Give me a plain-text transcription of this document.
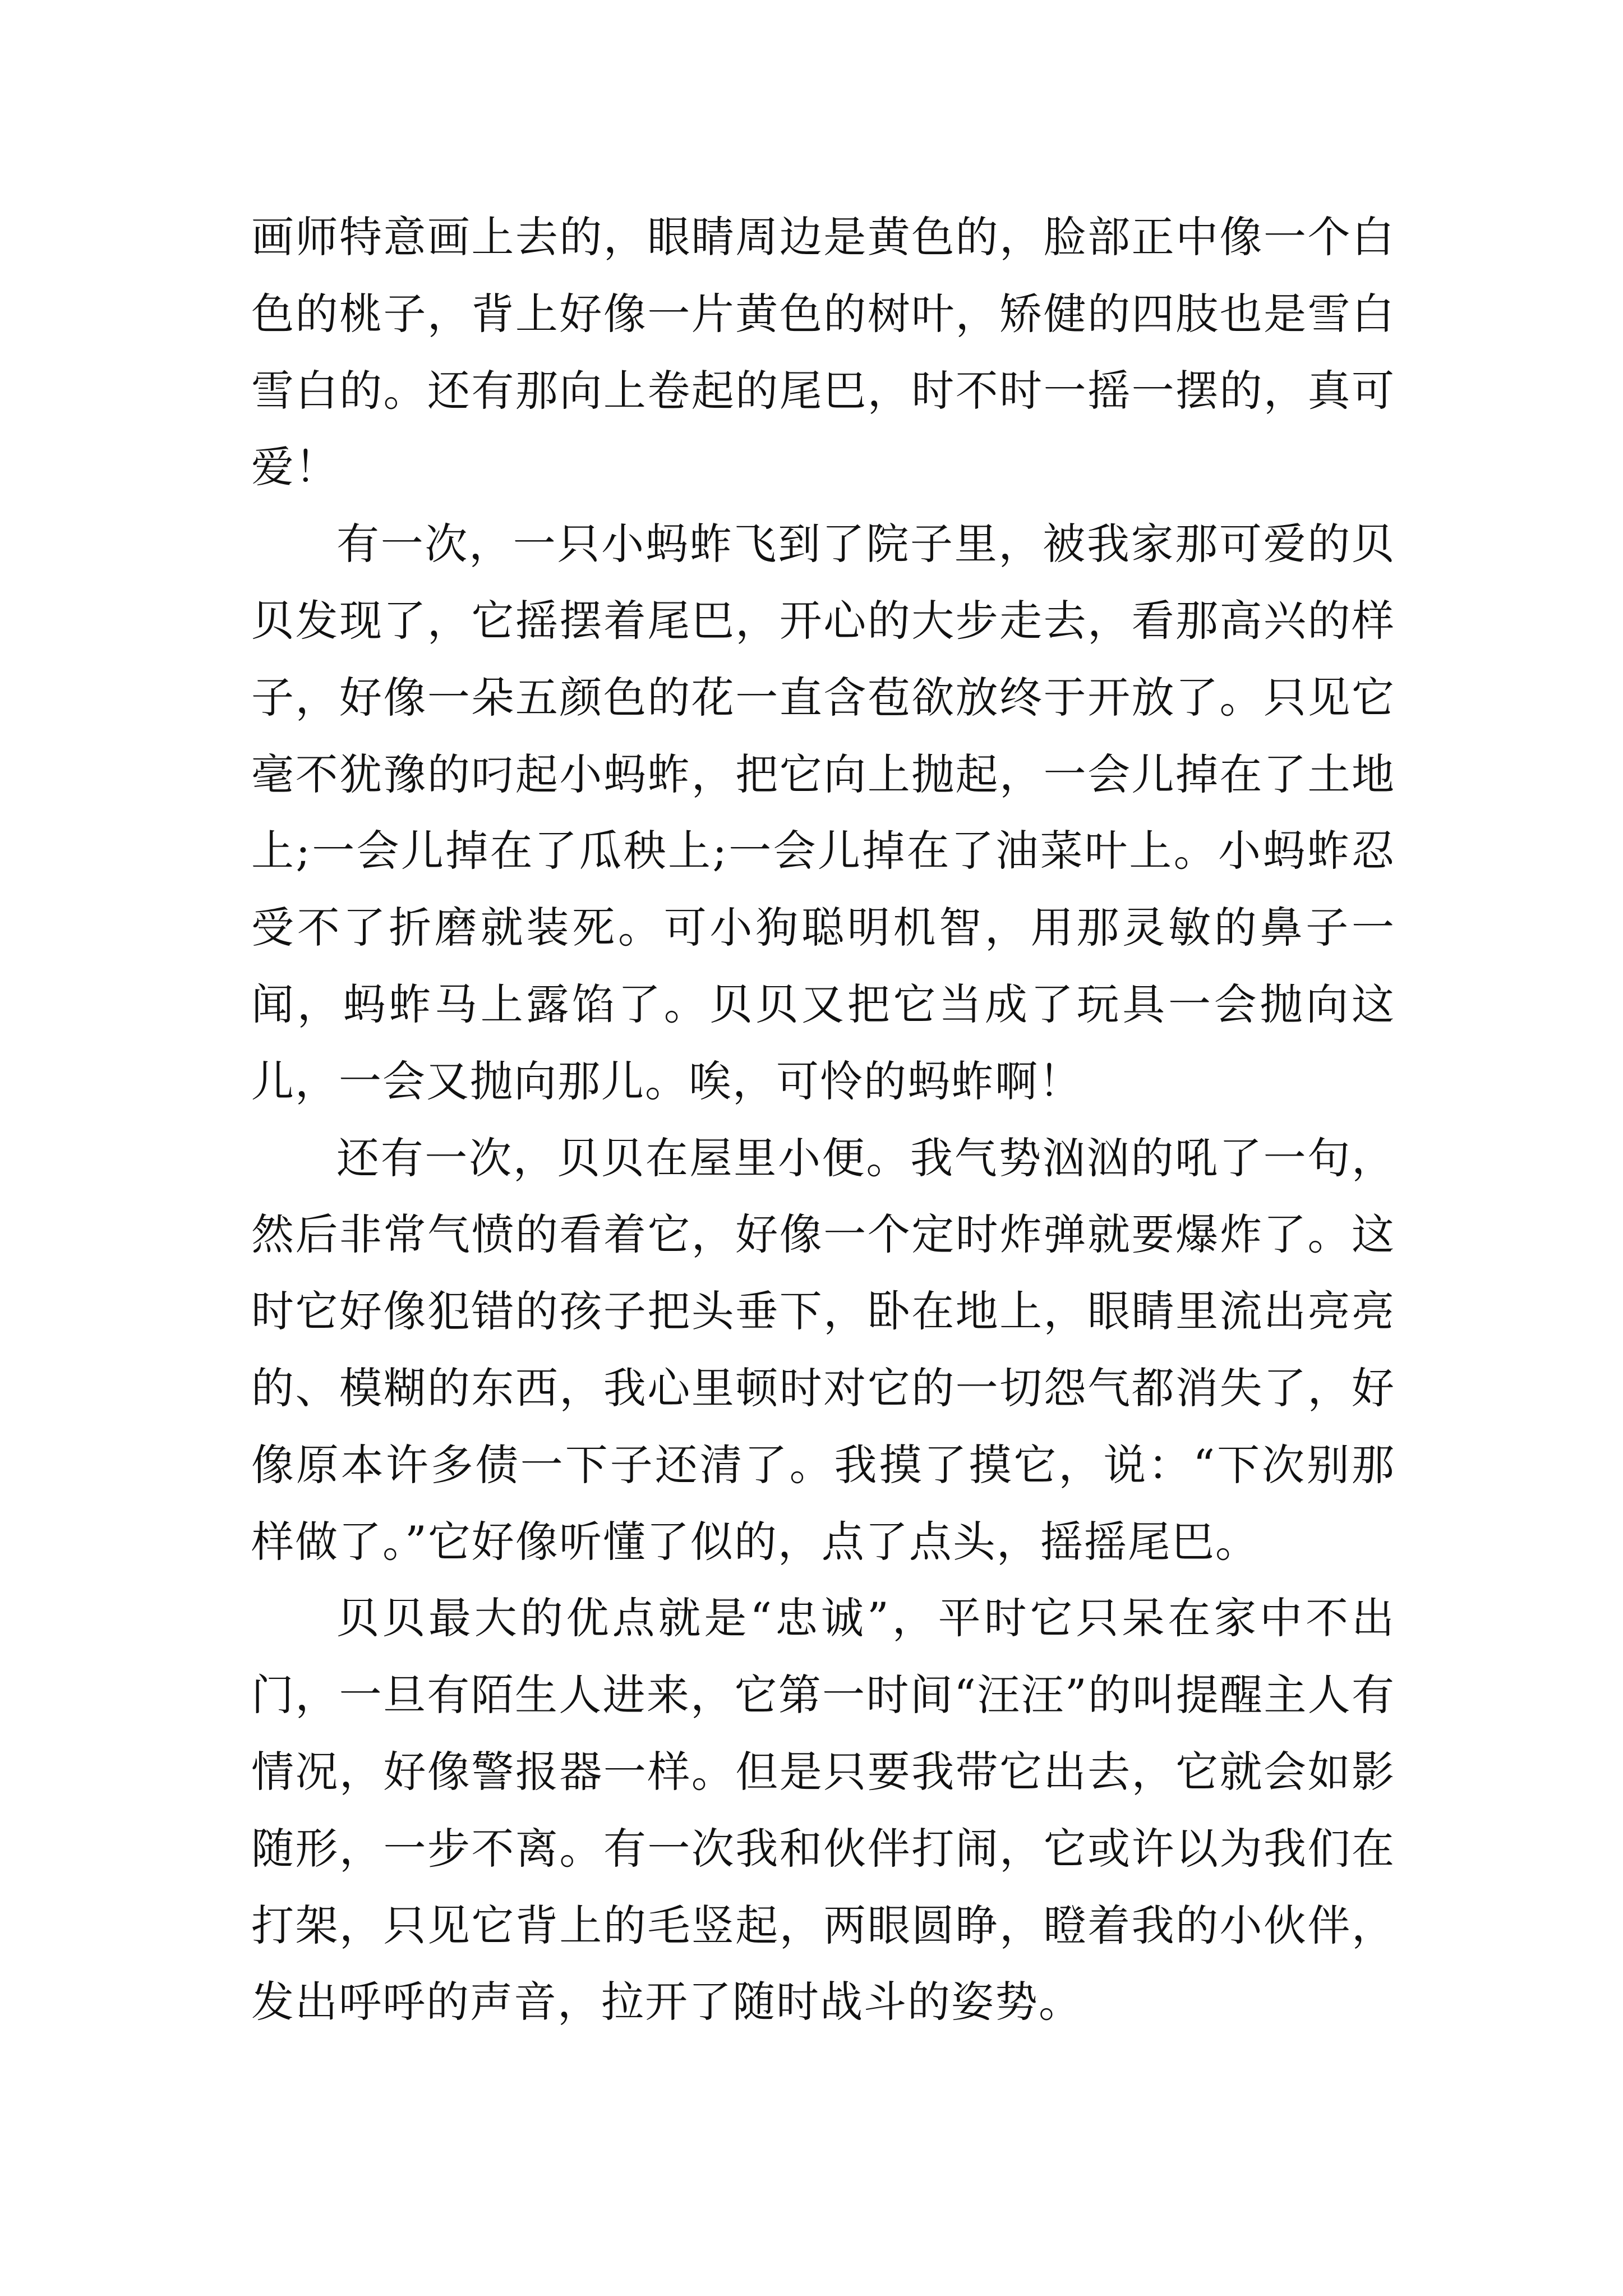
画师特意画上去的，眼睛周边是黄色的，脸部正中像一个白色的桃子，背上好像一片黄色的树叶，矫健的四肢也是雪白雪白的。还有那向上卷起的尾巴，时不时一摇一摆的，真可爱！

有一次，一只小蚂蚱飞到了院子里，被我家那可爱的贝贝发现了，它摇摆着尾巴，开心的大步走去，看那高兴的样子，好像一朵五颜色的花一直含苞欲放终于开放了。只见它毫不犹豫的叼起小蚂蚱，把它向上抛起，一会儿掉在了土地上;一会儿掉在了瓜秧上;一会儿掉在了油菜叶上。小蚂蚱忍受不了折磨就装死。可小狗聪明机智，用那灵敏的鼻子一闻，蚂蚱马上露馅了。贝贝又把它当成了玩具一会抛向这儿，一会又抛向那儿。唉，可怜的蚂蚱啊！

还有一次，贝贝在屋里小便。我气势汹汹的吼了一句，然后非常气愤的看着它，好像一个定时炸弹就要爆炸了。这时它好像犯错的孩子把头垂下，卧在地上，眼睛里流出亮亮的、模糊的东西，我心里顿时对它的一切怨气都消失了，好像原本许多债一下子还清了。我摸了摸它，说：“下次别那样做了。”它好像听懂了似的，点了点头，摇摇尾巴。

贝贝最大的优点就是“忠诚”，平时它只呆在家中不出门，一旦有陌生人进来，它第一时间“汪汪”的叫提醒主人有情况，好像警报器一样。但是只要我带它出去，它就会如影随形，一步不离。有一次我和伙伴打闹，它或许以为我们在打架，只见它背上的毛竖起，两眼圆睁，瞪着我的小伙伴，发出呼呼的声音，拉开了随时战斗的姿势。
